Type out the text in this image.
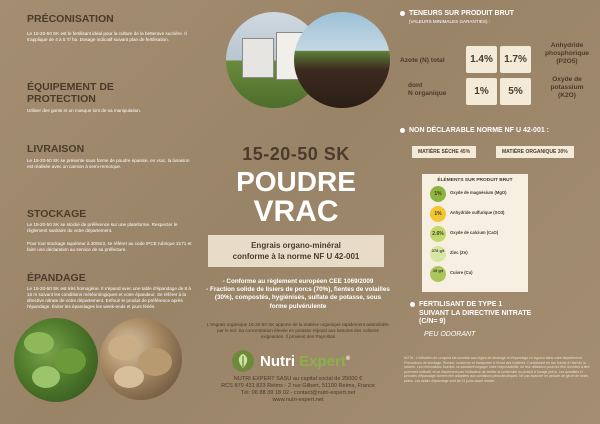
PRÉCONISATION
Le 15-20-50 SK est le fertilisant idéal pour la culture de la betterave sucrière. Il s'applique de 4 à 5 T/ ha. Dosage indicatif suivant plan de fertilisation.
ÉQUIPEMENT DE
PROTECTION
Utiliser des gants et un masque lors de sa manipulation.
LIVRAISON
Le 15-20-50 SK se présente sous forme de poudre épaisse, en vrac, la livraison est réalisée avec un camion à semi-remorque.
STOCKAGE
Le 15-20-50 SK se stocke de préférence sur une plateforme. Respecter le règlement sanitaire du votre département.
Pour tout stockage supérieur à 300m3, se référer au code IPCE rubrique 2171 et faire une déclaration au service de sa préfecture.
ÉPANDAGE
Le 15-20-50 SK est très homogène. Il s'épand avec une table d'épandage de 8 à 16 m suivant les conditions météorologiques et votre épandeur. Se référer à la directive nitrate de votre département. Enfouir le produit de préférence après l'épandage. Éviter les épandages les week-ends et jours fériés.
15-20-50 SK
POUDRE
VRAC
Engrais organo-minéral
conforme à la norme NF U 42-001
- Conforme au règlement européen CEE 1069/2009
- Fraction solide de lisiers de porcs (70%), fientes de volailles (30%), compostés, hygiénisés, sulfate de potasse, sous forme pulvérulente
L'engrais organique 15-20-50 SK apporte de la matière organique rapidement assimilable par le sol. Sa concentration élevée en potasse répond aux besoins des cultures exigeantes. Il provient des Pays-Bas
Nutri Expert®
NUTRI EXPERT SASU au capital social de 25000 €
RCS 879 431 823 Reims - 2 rue Gilbert, 51100 Reims, France
Tél: 06 88 39 18 02 - contact@nutri-expert.net
www.nutri-expert.net
TENEURS SUR PRODUIT BRUT
(VALEURS MINIMALES GARANTIES) :
Azote (N) total	1.4%	1.7%
Anhydride
phosphorique
(P2O5)
dont
N organique	1%	5%
Oxyde de
potassium
(K2O)
NON DÉCLARABLE NORME NF U 42-001 :
MATIÈRE SÈCHE 45%	MATIÈRE ORGANIQUE 30%
ÉLÉMENTS SUR PRODUIT BRUT
1%	Oxyde de magnésium (MgO)
1%	Anhydride sulfurique (SO3)
2.6%	Oxyde de calcium (CaO)
378 g/t	Zinc (Zn)
45 g/t	Cuivre (Cu)
FERTILISANT DE TYPE 1
SUIVANT LA DIRECTIVE NITRATE
(C/N= 9)
PEU ODORANT
NOTA : L'utilisation de compost est soumise aux règles de stockage et d'épandage en vigueur dans votre département. Précautions de stockage. Stocker, conserver et transporter à l'écart des matières. Conditionné en tas, bâché à l'abri de la lumière. Les informations fournies ne sauraient engager notre responsabilité, de leur utilisation pourront être données à titre purement indicatif, et ne dispensent pas l'utilisateur de vérifier la conformité du produit à l'usage prévu. Les quantités et périodes d'épandage doivent être adaptées aux conditions pédoclimatiques. Ne pas épandre en période de gel et de fortes pluies. Les délais d'épandage sont de 21 jours avant récolte.
